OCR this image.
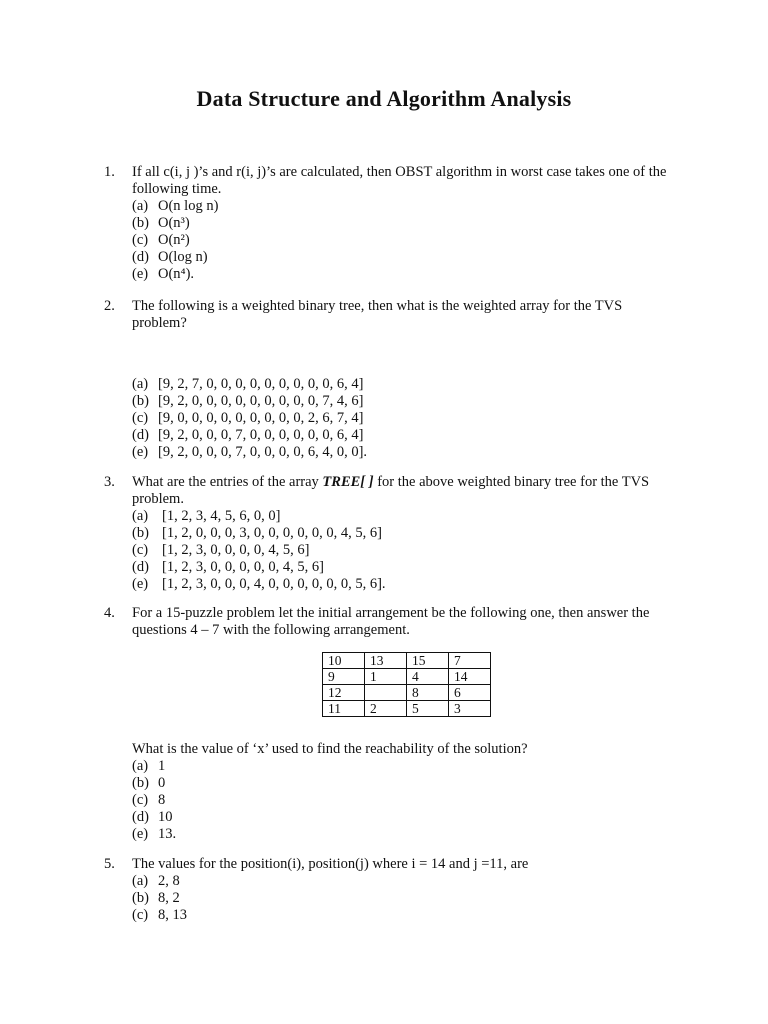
Data Structure and Algorithm Analysis
1. If all c(i, j )’s and r(i, j)’s are calculated, then OBST algorithm in worst case takes one of the following time.
(a) O(n log n)
(b) O(n³)
(c) O(n²)
(d) O(log n)
(e) O(n⁴).
2. The following is a weighted binary tree, then what is the weighted array for the TVS problem?
(a) [9, 2, 7, 0, 0, 0, 0, 0, 0, 0, 0, 0, 6, 4]
(b) [9, 2, 0, 0, 0, 0, 0, 0, 0, 0, 0, 7, 4, 6]
(c) [9, 0, 0, 0, 0, 0, 0, 0, 0, 0, 2, 6, 7, 4]
(d) [9, 2, 0, 0, 0, 7, 0, 0, 0, 0, 0, 0, 6, 4]
(e) [9, 2, 0, 0, 0, 7, 0, 0, 0, 0, 6, 4, 0, 0].
3. What are the entries of the array TREE[ ] for the above weighted binary tree for the TVS problem.
(a) [1, 2, 3, 4, 5, 6, 0, 0]
(b) [1, 2, 0, 0, 0, 3, 0, 0, 0, 0, 0, 0, 4, 5, 6]
(c) [1, 2, 3, 0, 0, 0, 0, 4, 5, 6]
(d) [1, 2, 3, 0, 0, 0, 0, 0, 4, 5, 6]
(e) [1, 2, 3, 0, 0, 0, 4, 0, 0, 0, 0, 0, 0, 5, 6].
4. For a 15-puzzle problem let the initial arrangement be the following one, then answer the questions 4 – 7 with the following arrangement.
10	13	15	7
9	1	4	14
12		8	6
11	2	5	3
What is the value of ‘x’ used to find the reachability of the solution?
(a) 1
(b) 0
(c) 8
(d) 10
(e) 13.
5. The values for the position(i), position(j) where i = 14 and j =11, are
(a) 2, 8
(b) 8, 2
(c) 8, 13
